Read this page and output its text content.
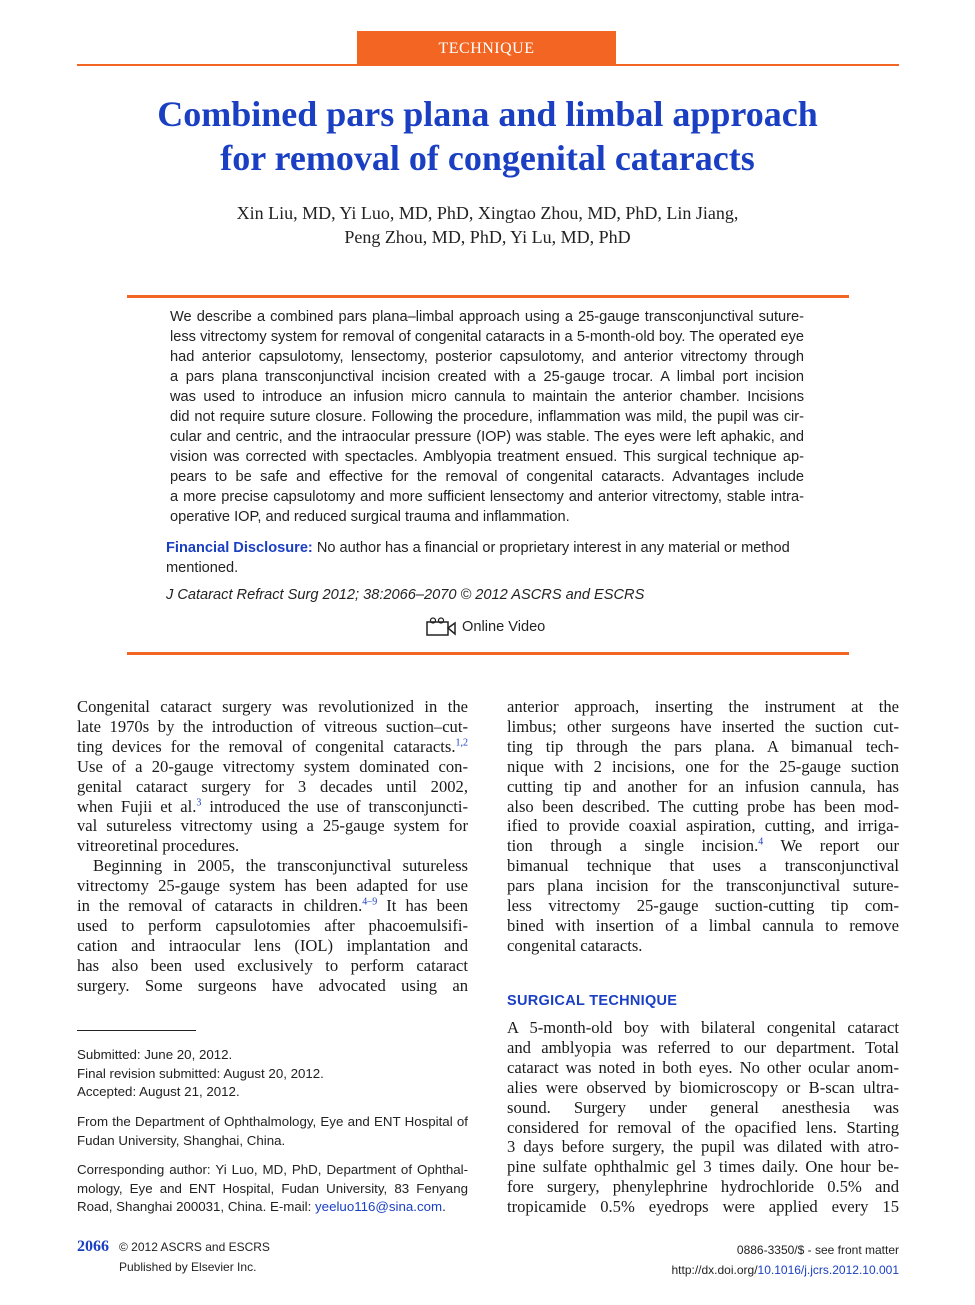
TECHNIQUE
Combined pars plana and limbal approach
for removal of congenital cataracts
Xin Liu, MD, Yi Luo, MD, PhD, Xingtao Zhou, MD, PhD, Lin Jiang,
Peng Zhou, MD, PhD, Yi Lu, MD, PhD
We describe a combined pars plana–limbal approach using a 25-gauge transconjunctival suture-
less vitrectomy system for removal of congenital cataracts in a 5-month-old boy. The operated eye
had anterior capsulotomy, lensectomy, posterior capsulotomy, and anterior vitrectomy through
a pars plana transconjunctival incision created with a 25-gauge trocar. A limbal port incision
was used to introduce an infusion micro cannula to maintain the anterior chamber. Incisions
did not require suture closure. Following the procedure, inflammation was mild, the pupil was cir-
cular and centric, and the intraocular pressure (IOP) was stable. The eyes were left aphakic, and
vision was corrected with spectacles. Amblyopia treatment ensued. This surgical technique ap-
pears to be safe and effective for the removal of congenital cataracts. Advantages include
a more precise capsulotomy and more sufficient lensectomy and anterior vitrectomy, stable intra-
operative IOP, and reduced surgical trauma and inflammation.
Financial Disclosure: No author has a financial or proprietary interest in any material or method mentioned.
J Cataract Refract Surg 2012; 38:2066–2070 © 2012 ASCRS and ESCRS
Online Video
Congenital cataract surgery was revolutionized in the
late 1970s by the introduction of vitreous suction–cut-
ting devices for the removal of congenital cataracts.$^{1,2}$
Use of a 20-gauge vitrectomy system dominated con-
genital cataract surgery for 3 decades until 2002,
when Fujii et al.$^3$ introduced the use of transconjuncti-
val sutureless vitrectomy using a 25-gauge system for
vitreoretinal procedures.
Beginning in 2005, the transconjunctival sutureless
vitrectomy 25-gauge system has been adapted for use
in the removal of cataracts in children.$^{4-9}$ It has been
used to perform capsulotomies after phacoemulsifi-
cation and intraocular lens (IOL) implantation and
has also been used exclusively to perform cataract
surgery. Some surgeons have advocated using an
anterior approach, inserting the instrument at the
limbus; other surgeons have inserted the suction cut-
ting tip through the pars plana. A bimanual tech-
nique with 2 incisions, one for the 25-gauge suction
cutting tip and another for an infusion cannula, has
also been described. The cutting probe has been mod-
ified to provide coaxial aspiration, cutting, and irriga-
tion through a single incision.$^4$ We report our
bimanual technique that uses a transconjunctival
pars plana incision for the transconjunctival suture-
less vitrectomy 25-gauge suction-cutting tip com-
bined with insertion of a limbal cannula to remove
congenital cataracts.
SURGICAL TECHNIQUE
A 5-month-old boy with bilateral congenital cataract
and amblyopia was referred to our department. Total
cataract was noted in both eyes. No other ocular anom-
alies were observed by biomicroscopy or B-scan ultra-
sound. Surgery under general anesthesia was
considered for removal of the opacified lens. Starting
3 days before surgery, the pupil was dilated with atro-
pine sulfate ophthalmic gel 3 times daily. One hour be-
fore surgery, phenylephrine hydrochloride 0.5% and
tropicamide 0.5% eyedrops were applied every 15
Submitted: June 20, 2012.
Final revision submitted: August 20, 2012.
Accepted: August 21, 2012.
From the Department of Ophthalmology, Eye and ENT Hospital of
Fudan University, Shanghai, China.
Corresponding author: Yi Luo, MD, PhD, Department of Ophthal-
mology, Eye and ENT Hospital, Fudan University, 83 Fenyang
Road, Shanghai 200031, China. E-mail: yeeluo116@sina.com.
2066 © 2012 ASCRS and ESCRS
Published by Elsevier Inc.
0886-3350/$ - see front matter
http://dx.doi.org/10.1016/j.jcrs.2012.10.001
